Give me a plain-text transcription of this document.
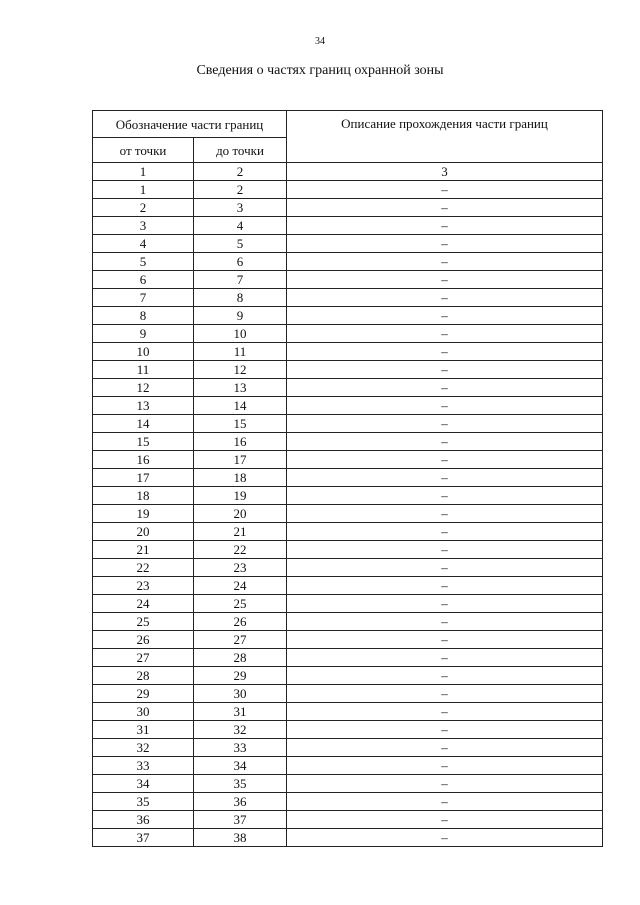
34
Сведения о частях границ охранной зоны
Обозначение части границ		Описание прохождения части границ
от точки	до точки	
1	2	3
1	2	–
2	3	–
3	4	–
4	5	–
5	6	–
6	7	–
7	8	–
8	9	–
9	10	–
10	11	–
11	12	–
12	13	–
13	14	–
14	15	–
15	16	–
16	17	–
17	18	–
18	19	–
19	20	–
20	21	–
21	22	–
22	23	–
23	24	–
24	25	–
25	26	–
26	27	–
27	28	–
28	29	–
29	30	–
30	31	–
31	32	–
32	33	–
33	34	–
34	35	–
35	36	–
36	37	–
37	38	–
